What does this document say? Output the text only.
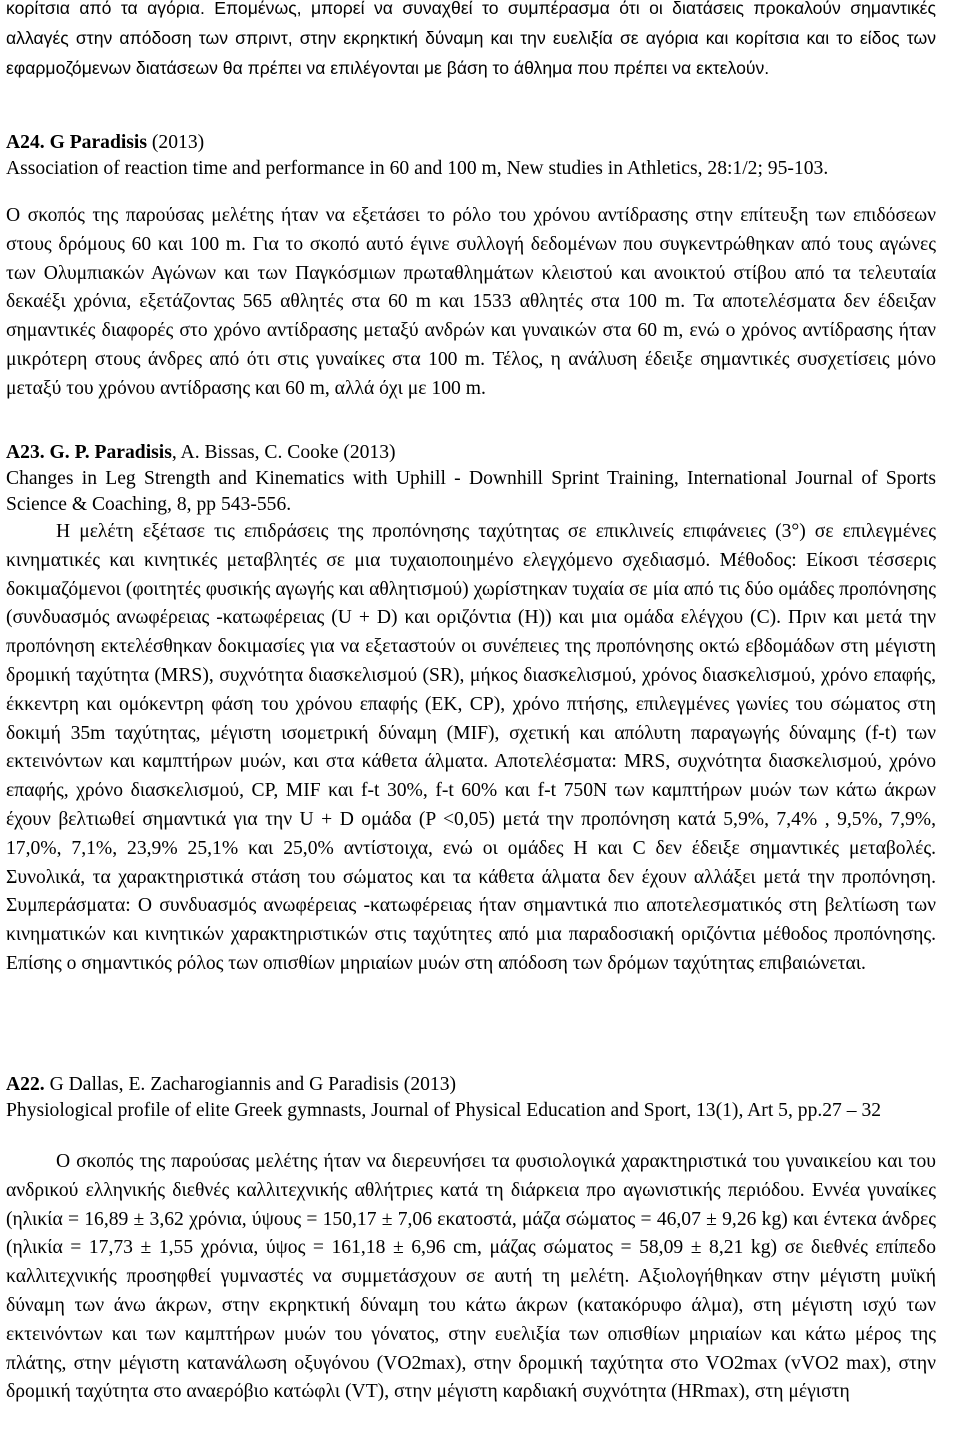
κορίτσια από τα αγόρια. Επομένως, μπορεί να συναχθεί το συμπέρασμα ότι οι διατάσεις προκαλούν σημαντικές αλλαγές στην απόδοση των σπριντ, στην εκρηκτική δύναμη και την ευελιξία σε αγόρια και κορίτσια και το είδος των εφαρμοζόμενων διατάσεων θα πρέπει να επιλέγονται με βάση το άθλημα που πρέπει να εκτελούν.
A24. G Paradisis (2013)
Association of reaction time and performance in 60 and 100 m, New studies in Athletics, 28:1/2; 95-103.
Ο σκοπός της παρούσας μελέτης ήταν να εξετάσει το ρόλο του χρόνου αντίδρασης στην επίτευξη των επιδόσεων στους δρόμους 60 και 100 m. Για το σκοπό αυτό έγινε συλλογή δεδομένων που συγκεντρώθηκαν από τους αγώνες των Ολυμπιακών Αγώνων και των Παγκόσμιων πρωταθλημάτων κλειστού και ανοικτού στίβου από τα τελευταία δεκαέξι χρόνια, εξετάζοντας 565 αθλητές στα 60 m και 1533 αθλητές στα 100 m. Τα αποτελέσματα δεν έδειξαν σημαντικές διαφορές στο χρόνο αντίδρασης μεταξύ ανδρών και γυναικών στα 60 m, ενώ ο χρόνος αντίδρασης ήταν μικρότερη στους άνδρες από ότι στις γυναίκες στα 100 m. Τέλος, η ανάλυση έδειξε σημαντικές συσχετίσεις μόνο μεταξύ του χρόνου αντίδρασης και 60 m, αλλά όχι με 100 m.
A23. G. P. Paradisis, A. Bissas, C. Cooke (2013)
Changes in Leg Strength and Kinematics with Uphill - Downhill Sprint Training, International Journal of Sports Science & Coaching, 8, pp 543-556.
Η μελέτη εξέτασε τις επιδράσεις της προπόνησης ταχύτητας σε επικλινείς επιφάνειες (3°) σε επιλεγμένες κινηματικές και κινητικές μεταβλητές σε μια τυχαιοποιημένο ελεγχόμενο σχεδιασμό. Μέθοδος: Είκοσι τέσσερις δοκιμαζόμενοι (φοιτητές φυσικής αγωγής και αθλητισμού) χωρίστηκαν τυχαία σε μία από τις δύο ομάδες προπόνησης (συνδυασμός ανωφέρειας -κατωφέρειας (U + D) και οριζόντια (H)) και μια ομάδα ελέγχου (C). Πριν και μετά την προπόνηση εκτελέσθηκαν δοκιμασίες για να εξεταστούν οι συνέπειες της προπόνησης οκτώ εβδομάδων στη μέγιστη δρομική ταχύτητα (MRS), συχνότητα διασκελισμού (SR), μήκος διασκελισμού, χρόνος διασκελισμού, χρόνο επαφής, έκκεντρη και ομόκεντρη φάση του χρόνου επαφής (EK, CP), χρόνο πτήσης, επιλεγμένες γωνίες του σώματος στη δοκιμή 35m ταχύτητας, μέγιστη ισομετρική δύναμη (MIF), σχετική και απόλυτη παραγωγής δύναμης (f-t) των εκτεινόντων και καμπτήρων μυών, και στα κάθετα άλματα. Αποτελέσματα: MRS, συχνότητα διασκελισμού, χρόνο επαφής, χρόνο διασκελισμού, CP, MIF και f-t 30%, f-t 60% και f-t 750N των καμπτήρων μυών των κάτω άκρων έχουν βελτιωθεί σημαντικά για την U + D ομάδα (P <0,05) μετά την προπόνηση κατά 5,9%, 7,4% , 9,5%, 7,9%, 17,0%, 7,1%, 23,9% 25,1% και 25,0% αντίστοιχα, ενώ οι ομάδες H και C δεν έδειξε σημαντικές μεταβολές. Συνολικά, τα χαρακτηριστικά στάση του σώματος και τα κάθετα άλματα δεν έχουν αλλάξει μετά την προπόνηση. Συμπεράσματα: Ο συνδυασμός ανωφέρειας -κατωφέρειας ήταν σημαντικά πιο αποτελεσματικός στη βελτίωση των κινηματικών και κινητικών χαρακτηριστικών στις ταχύτητες από μια παραδοσιακή οριζόντια μέθοδος προπόνησης. Επίσης ο σημαντικός ρόλος των οπισθίων μηριαίων μυών στη απόδοση των δρόμων ταχύτητας επιβαιώνεται.
A22. G Dallas, E. Zacharogiannis and G Paradisis (2013)
Physiological profile of elite Greek gymnasts, Journal of Physical Education and Sport, 13(1), Art 5, pp.27 – 32
Ο σκοπός της παρούσας μελέτης ήταν να διερευνήσει τα φυσιολογικά χαρακτηριστικά του γυναικείου και του ανδρικού ελληνικής διεθνές καλλιτεχνικής αθλήτριες κατά τη διάρκεια προ αγωνιστικής περιόδου. Εννέα γυναίκες (ηλικία = 16,89 ± 3,62 χρόνια, ύψους = 150,17 ± 7,06 εκατοστά, μάζα σώματος = 46,07 ± 9,26 kg) και έντεκα άνδρες (ηλικία = 17,73 ± 1,55 χρόνια, ύψος = 161,18 ± 6,96 cm, μάζας σώματος = 58,09 ± 8,21 kg) σε διεθνές επίπεδο καλλιτεχνικής προσηφθεί γυμναστές να συμμετάσχουν σε αυτή τη μελέτη. Αξιολογήθηκαν στην μέγιστη μυϊκή δύναμη των άνω άκρων, στην εκρηκτική δύναμη του κάτω άκρων (κατακόρυφο άλμα), στη μέγιστη ισχύ των εκτεινόντων και των καμπτήρων μυών του γόνατος, στην ευελιξία των οπισθίων μηριαίων και κάτω μέρος της πλάτης, στην μέγιστη κατανάλωση οξυγόνου (VO2max), στην δρομική ταχύτητα στο VO2max (vVO2 max), στην δρομική ταχύτητα στο αναερόβιο κατώφλι (VT), στην μέγιστη καρδιακή συχνότητα (HRmax), στη μέγιστη
